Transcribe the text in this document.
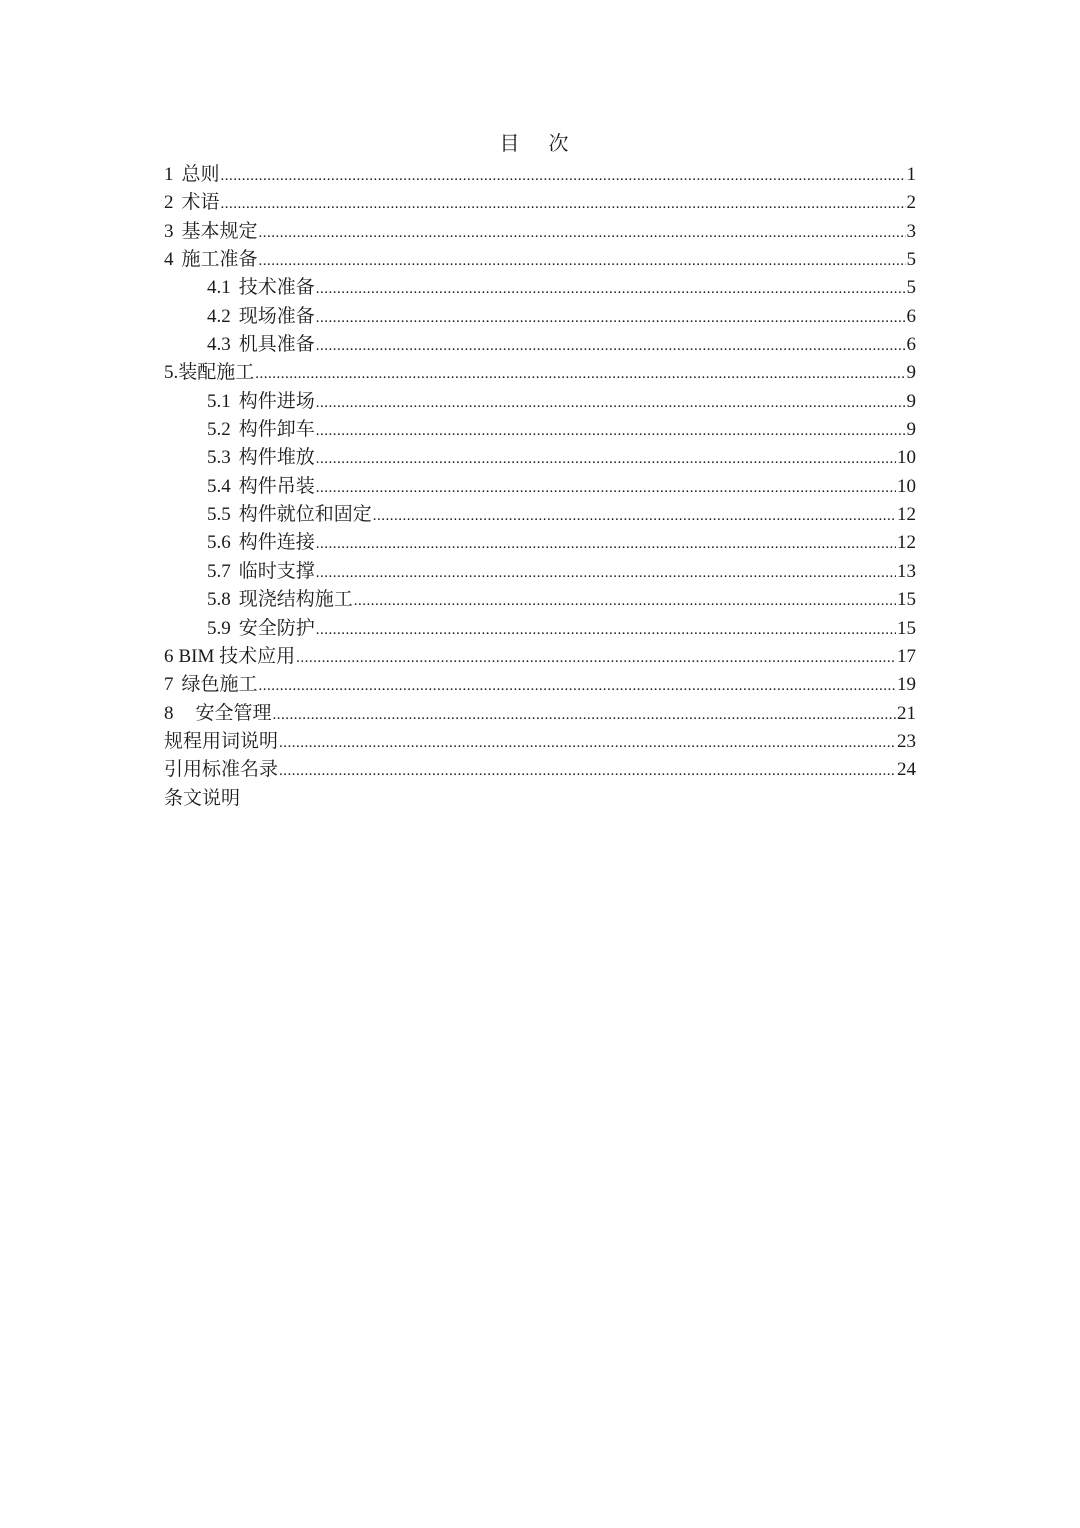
目 次
1 总则 .....	1
2 术语 .....	2
3 基本规定 .....	3
4 施工准备 .....	5
4.1 技术准备 .....	5
4.2 现场准备 .....	6
4.3 机具准备 .....	6
5. 装配施工 .....	9
5.1 构件进场 .....	9
5.2 构件卸车 .....	9
5.3 构件堆放 .....	10
5.4 构件吊装 .....	10
5.5 构件就位和固定 .....	12
5.6 构件连接 .....	12
5.7 临时支撑 .....	13
5.8 现浇结构施工 .....	15
5.9 安全防护 .....	15
6 BIM 技术应用 .....	17
7 绿色施工 .....	19
8 安全管理 .....	21
规程用词说明 .....	23
引用标准名录 .....	24
条文说明
